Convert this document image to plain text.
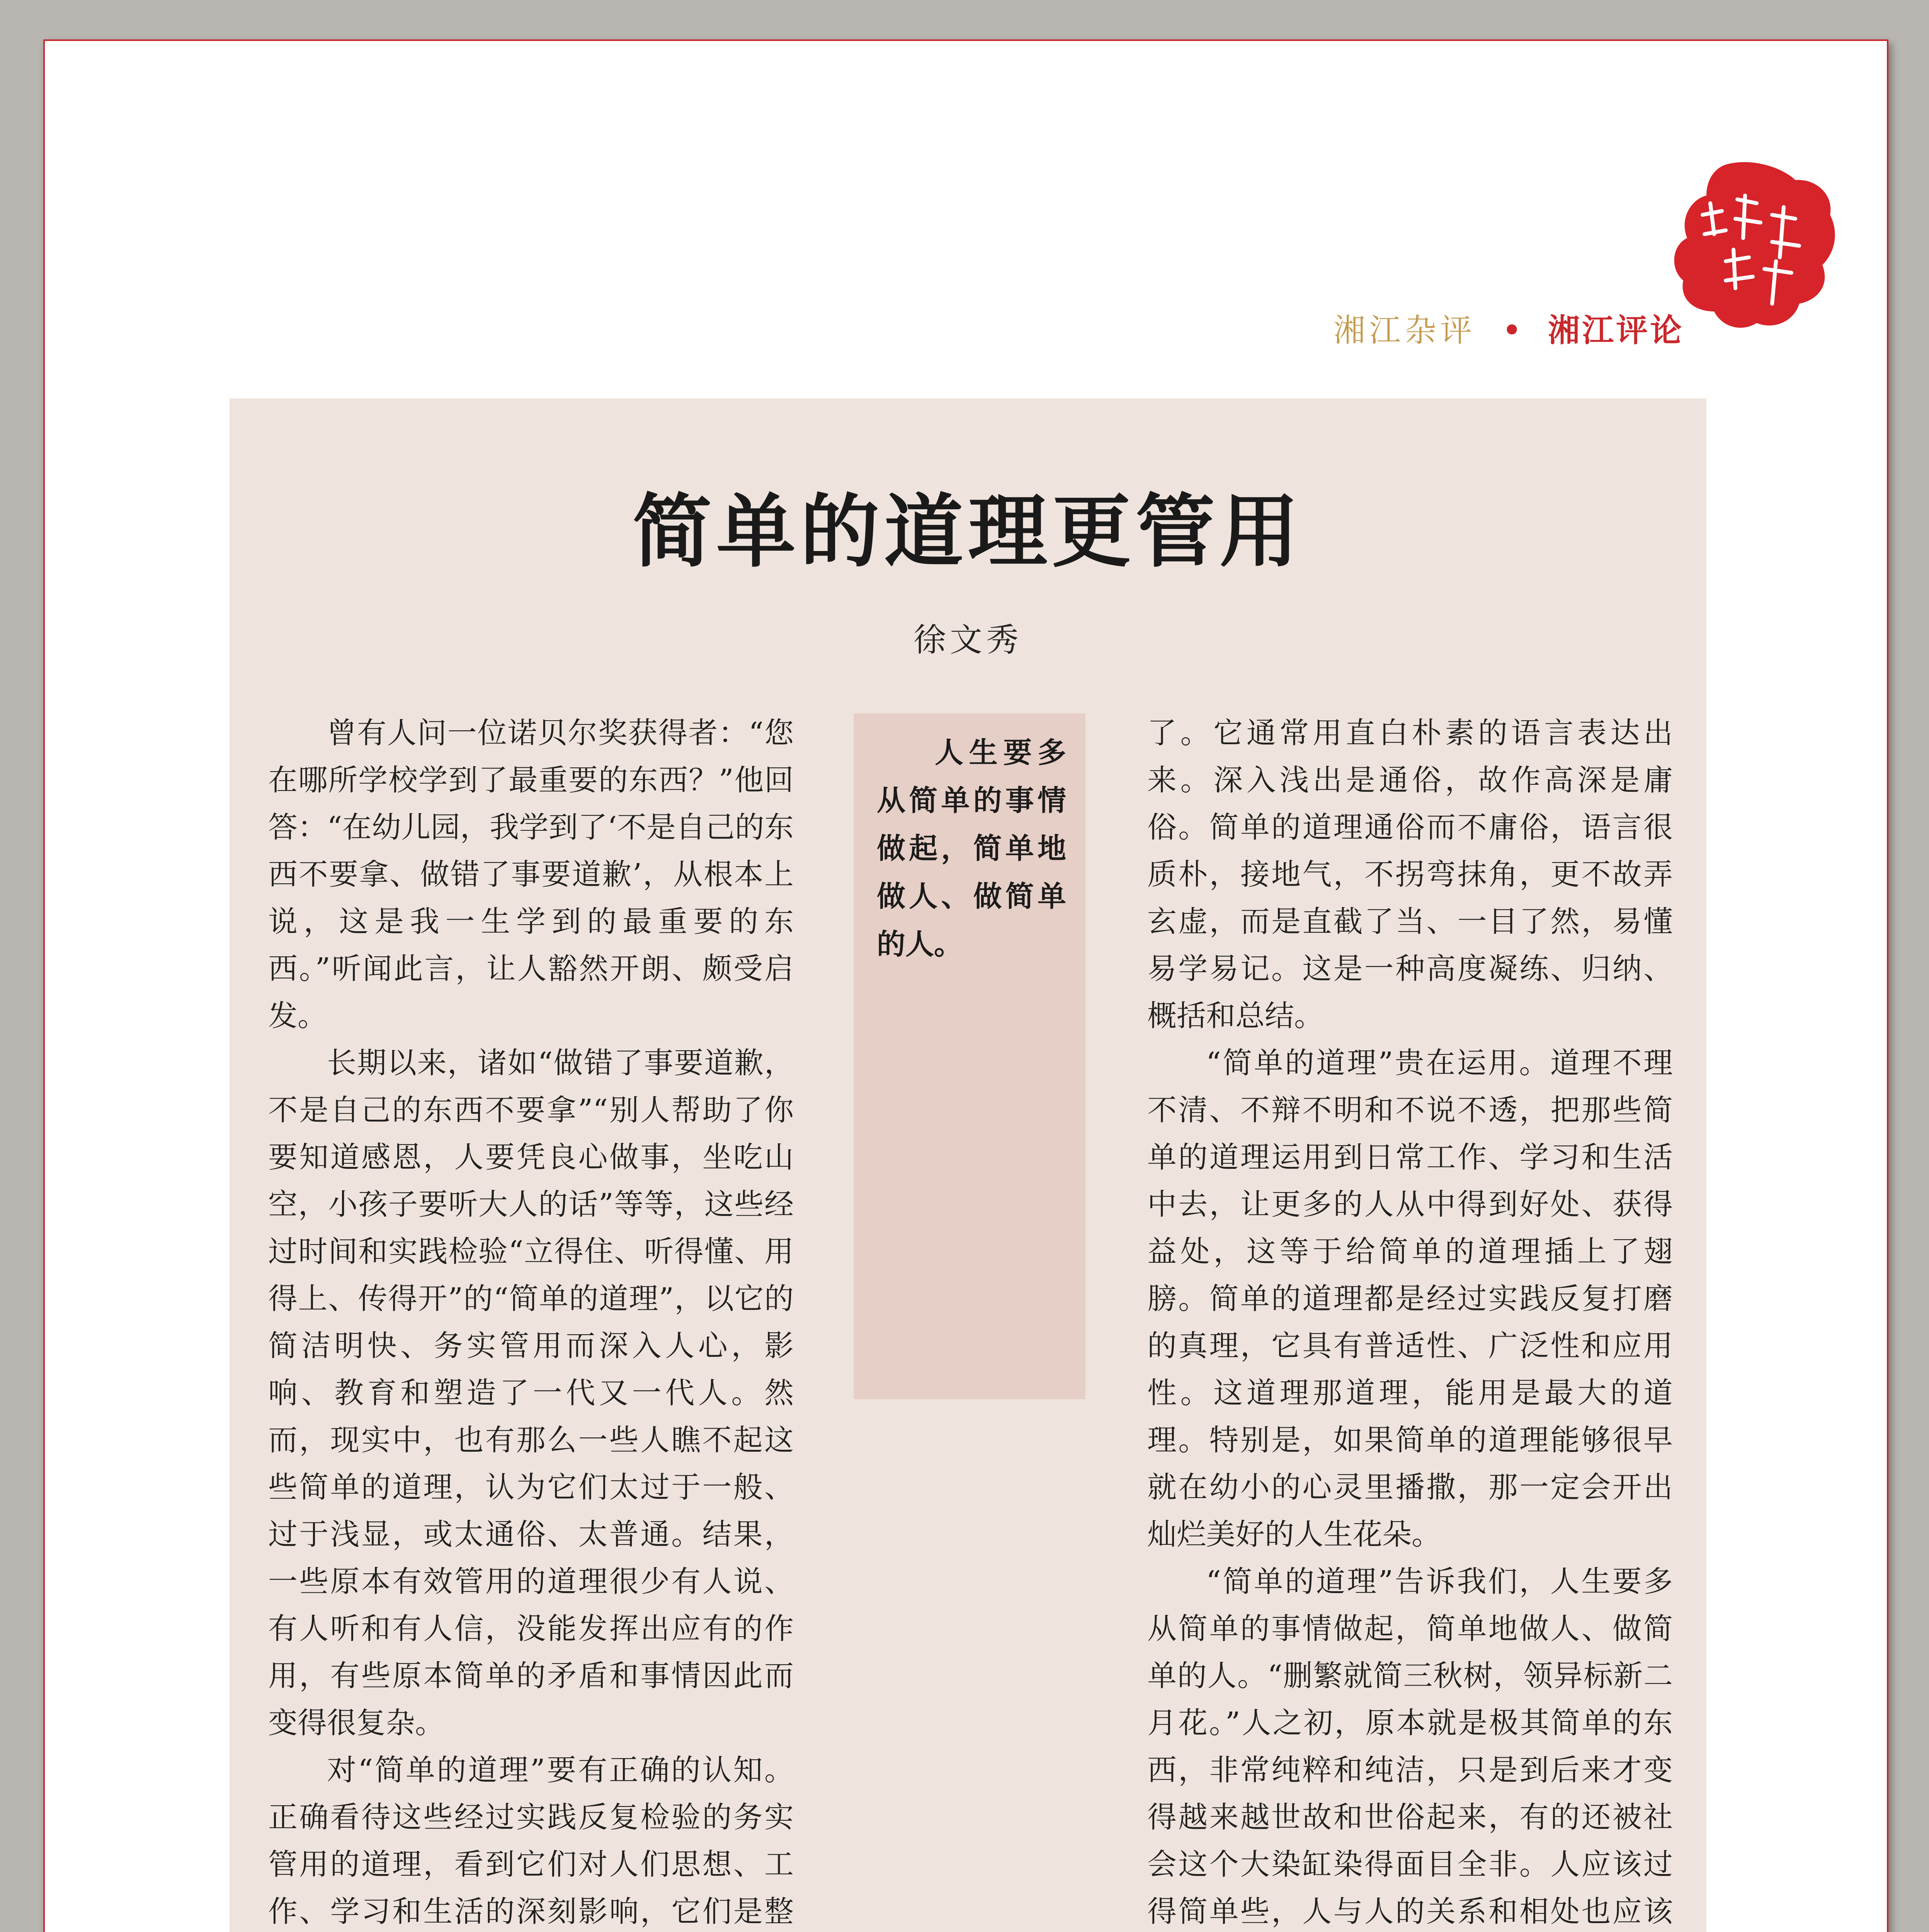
湘江杂评 • 湘江评论
简单的道理更管用
徐文秀

曾有人问一位诺贝尔奖获得者：“您在哪所学校学到了最重要的东西？”他回答：“在幼儿园，我学到了‘不是自己的东西不要拿、做错了事要道歉’，从根本上说，这是我一生学到的最重要的东西。”听闻此言，让人豁然开朗、颇受启发。

长期以来，诸如“做错了事要道歉，不是自己的东西不要拿”“别人帮助了你要知道感恩，人要凭良心做事，坐吃山空，小孩子要听大人的话”等等，这些经过时间和实践检验“立得住、听得懂、用得上、传得开”的“简单的道理”，以它的简洁明快、务实管用而深入人心，影响、教育和塑造了一代又一代人。然而，现实中，也有那么一些人瞧不起这些简单的道理，认为它们太过于一般、过于浅显，或太通俗、太普通。结果，一些原本有效管用的道理很少有人说、有人听和有人信，没能发挥出应有的作用，有些原本简单的矛盾和事情因此而变得很复杂。

对“简单的道理”要有正确的认知。正确看待这些经过实践反复检验的务实管用的道理，看到它们对人们思想、工作、学习和生活的深刻影响，它们是整

人生要多从简单的事情做起，简单地做人、做简单的人。

了。它通常用直白朴素的语言表达出来。深入浅出是通俗，故作高深是庸俗。简单的道理通俗而不庸俗，语言很质朴，接地气，不拐弯抹角，更不故弄玄虚，而是直截了当、一目了然，易懂易学易记。这是一种高度凝练、归纳、概括和总结。

“简单的道理”贵在运用。道理不理不清、不辩不明和不说不透，把那些简单的道理运用到日常工作、学习和生活中去，让更多的人从中得到好处、获得益处，这等于给简单的道理插上了翅膀。简单的道理都是经过实践反复打磨的真理，它具有普适性、广泛性和应用性。这道理那道理，能用是最大的道理。特别是，如果简单的道理能够很早就在幼小的心灵里播撒，那一定会开出灿烂美好的人生花朵。

“简单的道理”告诉我们，人生要多从简单的事情做起，简单地做人、做简单的人。“删繁就简三秋树，领异标新二月花。”人之初，原本就是极其简单的东西，非常纯粹和纯洁，只是到后来才变得越来越世故和世俗起来，有的还被社会这个大染缸染得面目全非。人应该过得简单些，人与人的关系和相处也应该
